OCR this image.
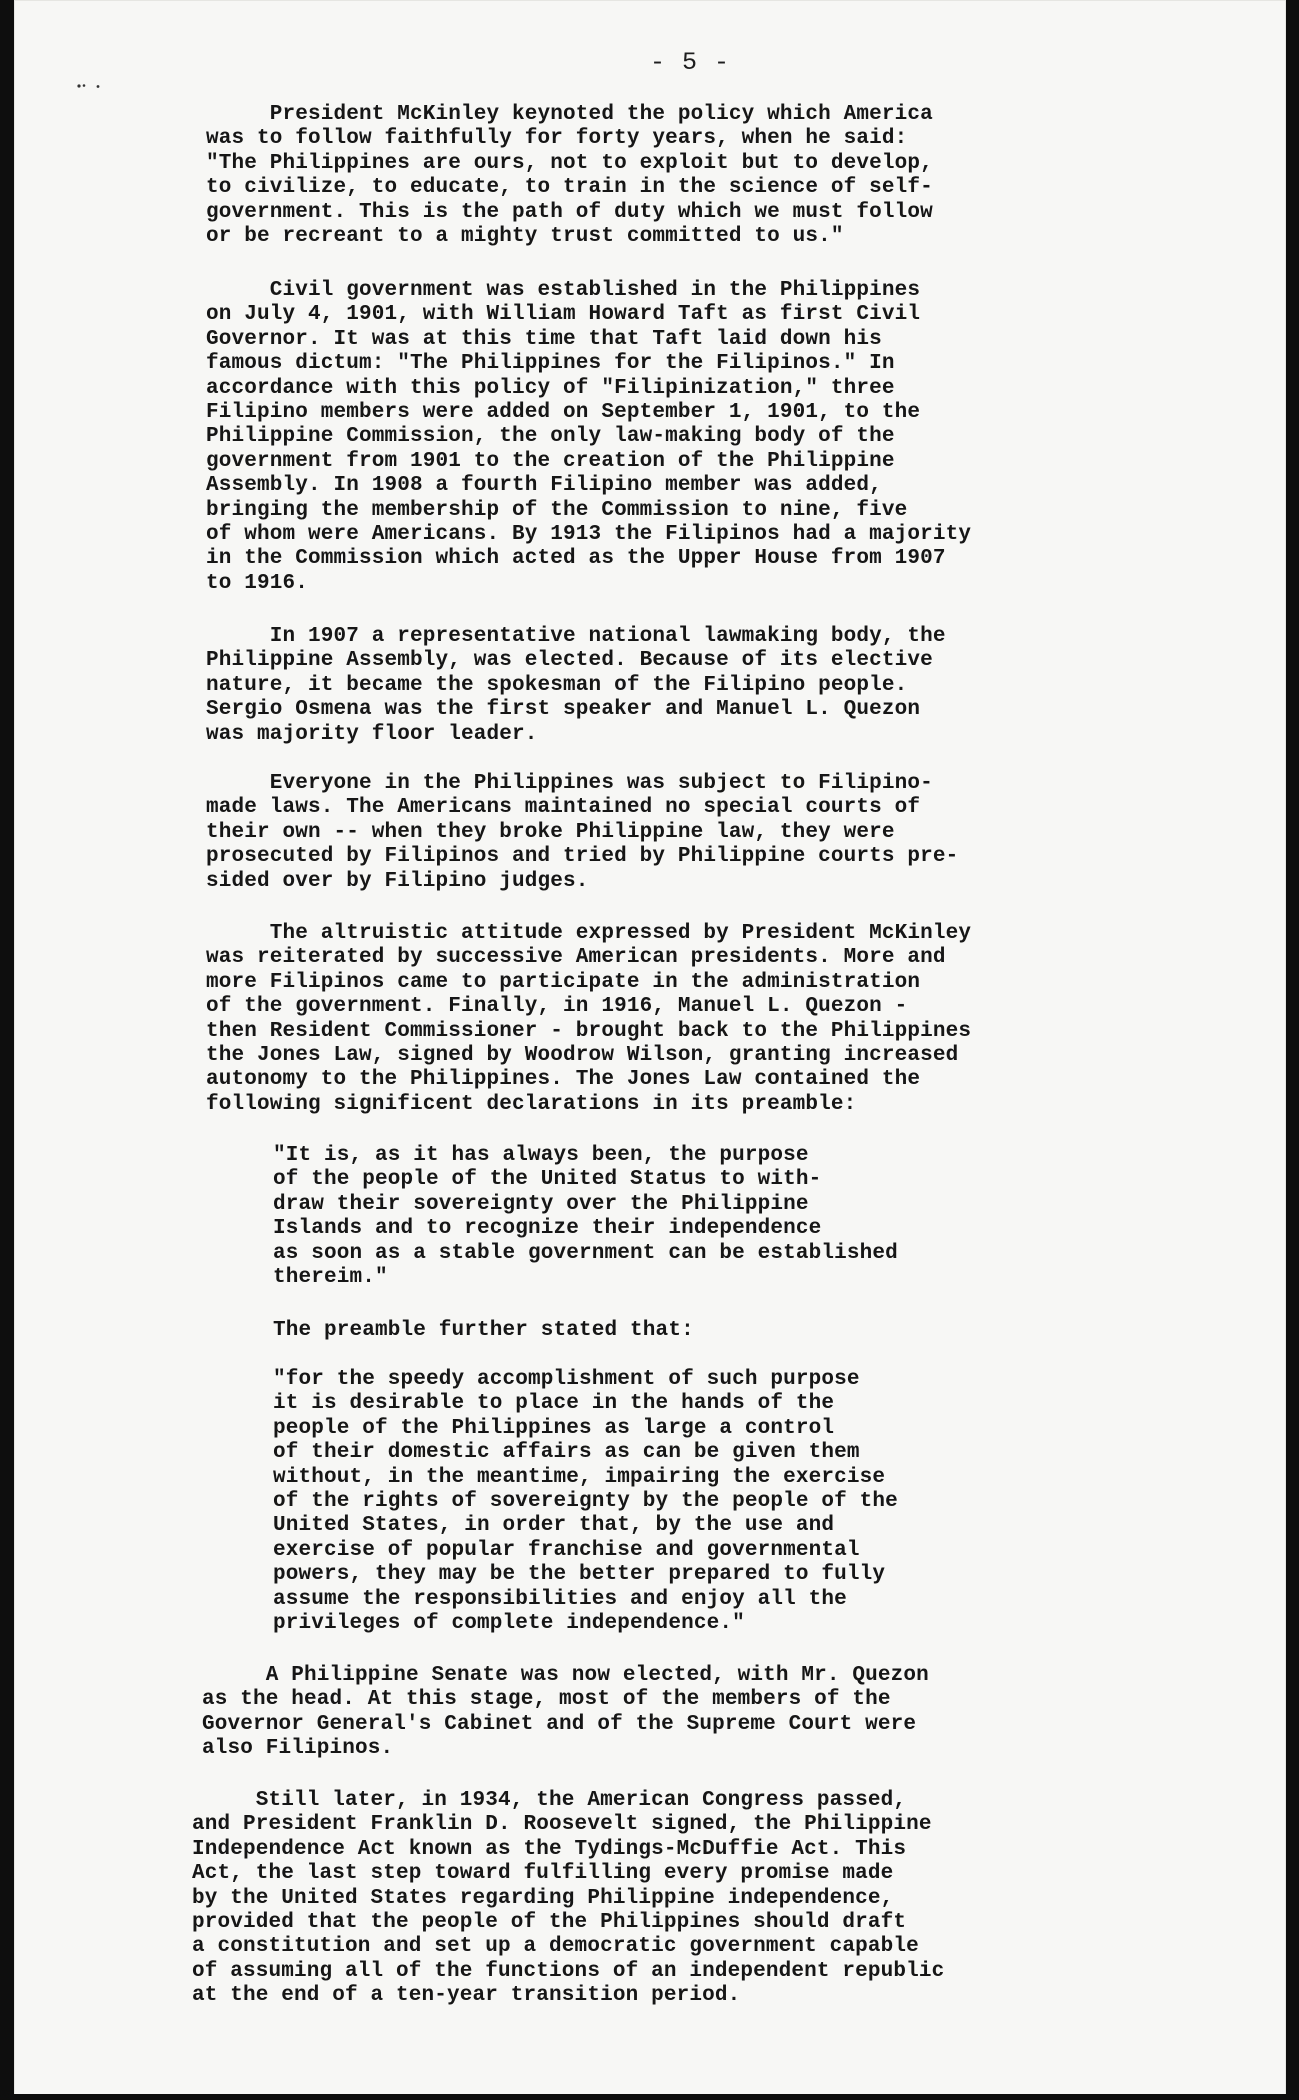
- 5 -
President McKinley keynoted the policy which America
was to follow faithfully for forty years, when he said:
"The Philippines are ours, not to exploit but to develop,
to civilize, to educate, to train in the science of self-
government. This is the path of duty which we must follow
or be recreant to a mighty trust committed to us."
Civil government was established in the Philippines
on July 4, 1901, with William Howard Taft as first Civil
Governor. It was at this time that Taft laid down his
famous dictum: "The Philippines for the Filipinos." In
accordance with this policy of "Filipinization," three
Filipino members were added on September 1, 1901, to the
Philippine Commission, the only law-making body of the
government from 1901 to the creation of the Philippine
Assembly. In 1908 a fourth Filipino member was added,
bringing the membership of the Commission to nine, five
of whom were Americans. By 1913 the Filipinos had a majority
in the Commission which acted as the Upper House from 1907
to 1916.
In 1907 a representative national lawmaking body, the
Philippine Assembly, was elected. Because of its elective
nature, it became the spokesman of the Filipino people.
Sergio Osmena was the first speaker and Manuel L. Quezon
was majority floor leader.
Everyone in the Philippines was subject to Filipino-
made laws. The Americans maintained no special courts of
their own -- when they broke Philippine law, they were
prosecuted by Filipinos and tried by Philippine courts pre-
sided over by Filipino judges.
The altruistic attitude expressed by President McKinley
was reiterated by successive American presidents. More and
more Filipinos came to participate in the administration
of the government. Finally, in 1916, Manuel L. Quezon -
then Resident Commissioner - brought back to the Philippines
the Jones Law, signed by Woodrow Wilson, granting increased
autonomy to the Philippines. The Jones Law contained the
following significent declarations in its preamble:
"It is, as it has always been, the purpose
of the people of the United Status to with-
draw their sovereignty over the Philippine
Islands and to recognize their independence
as soon as a stable government can be established
thereim."
The preamble further stated that:
"for the speedy accomplishment of such purpose
it is desirable to place in the hands of the
people of the Philippines as large a control
of their domestic affairs as can be given them
without, in the meantime, impairing the exercise
of the rights of sovereignty by the people of the
United States, in order that, by the use and
exercise of popular franchise and governmental
powers, they may be the better prepared to fully
assume the responsibilities and enjoy all the
privileges of complete independence."
A Philippine Senate was now elected, with Mr. Quezon
as the head. At this stage, most of the members of the
Governor General's Cabinet and of the Supreme Court were
also Filipinos.
Still later, in 1934, the American Congress passed,
and President Franklin D. Roosevelt signed, the Philippine
Independence Act known as the Tydings-McDuffie Act. This
Act, the last step toward fulfilling every promise made
by the United States regarding Philippine independence,
provided that the people of the Philippines should draft
a constitution and set up a democratic government capable
of assuming all of the functions of an independent republic
at the end of a ten-year transition period.
